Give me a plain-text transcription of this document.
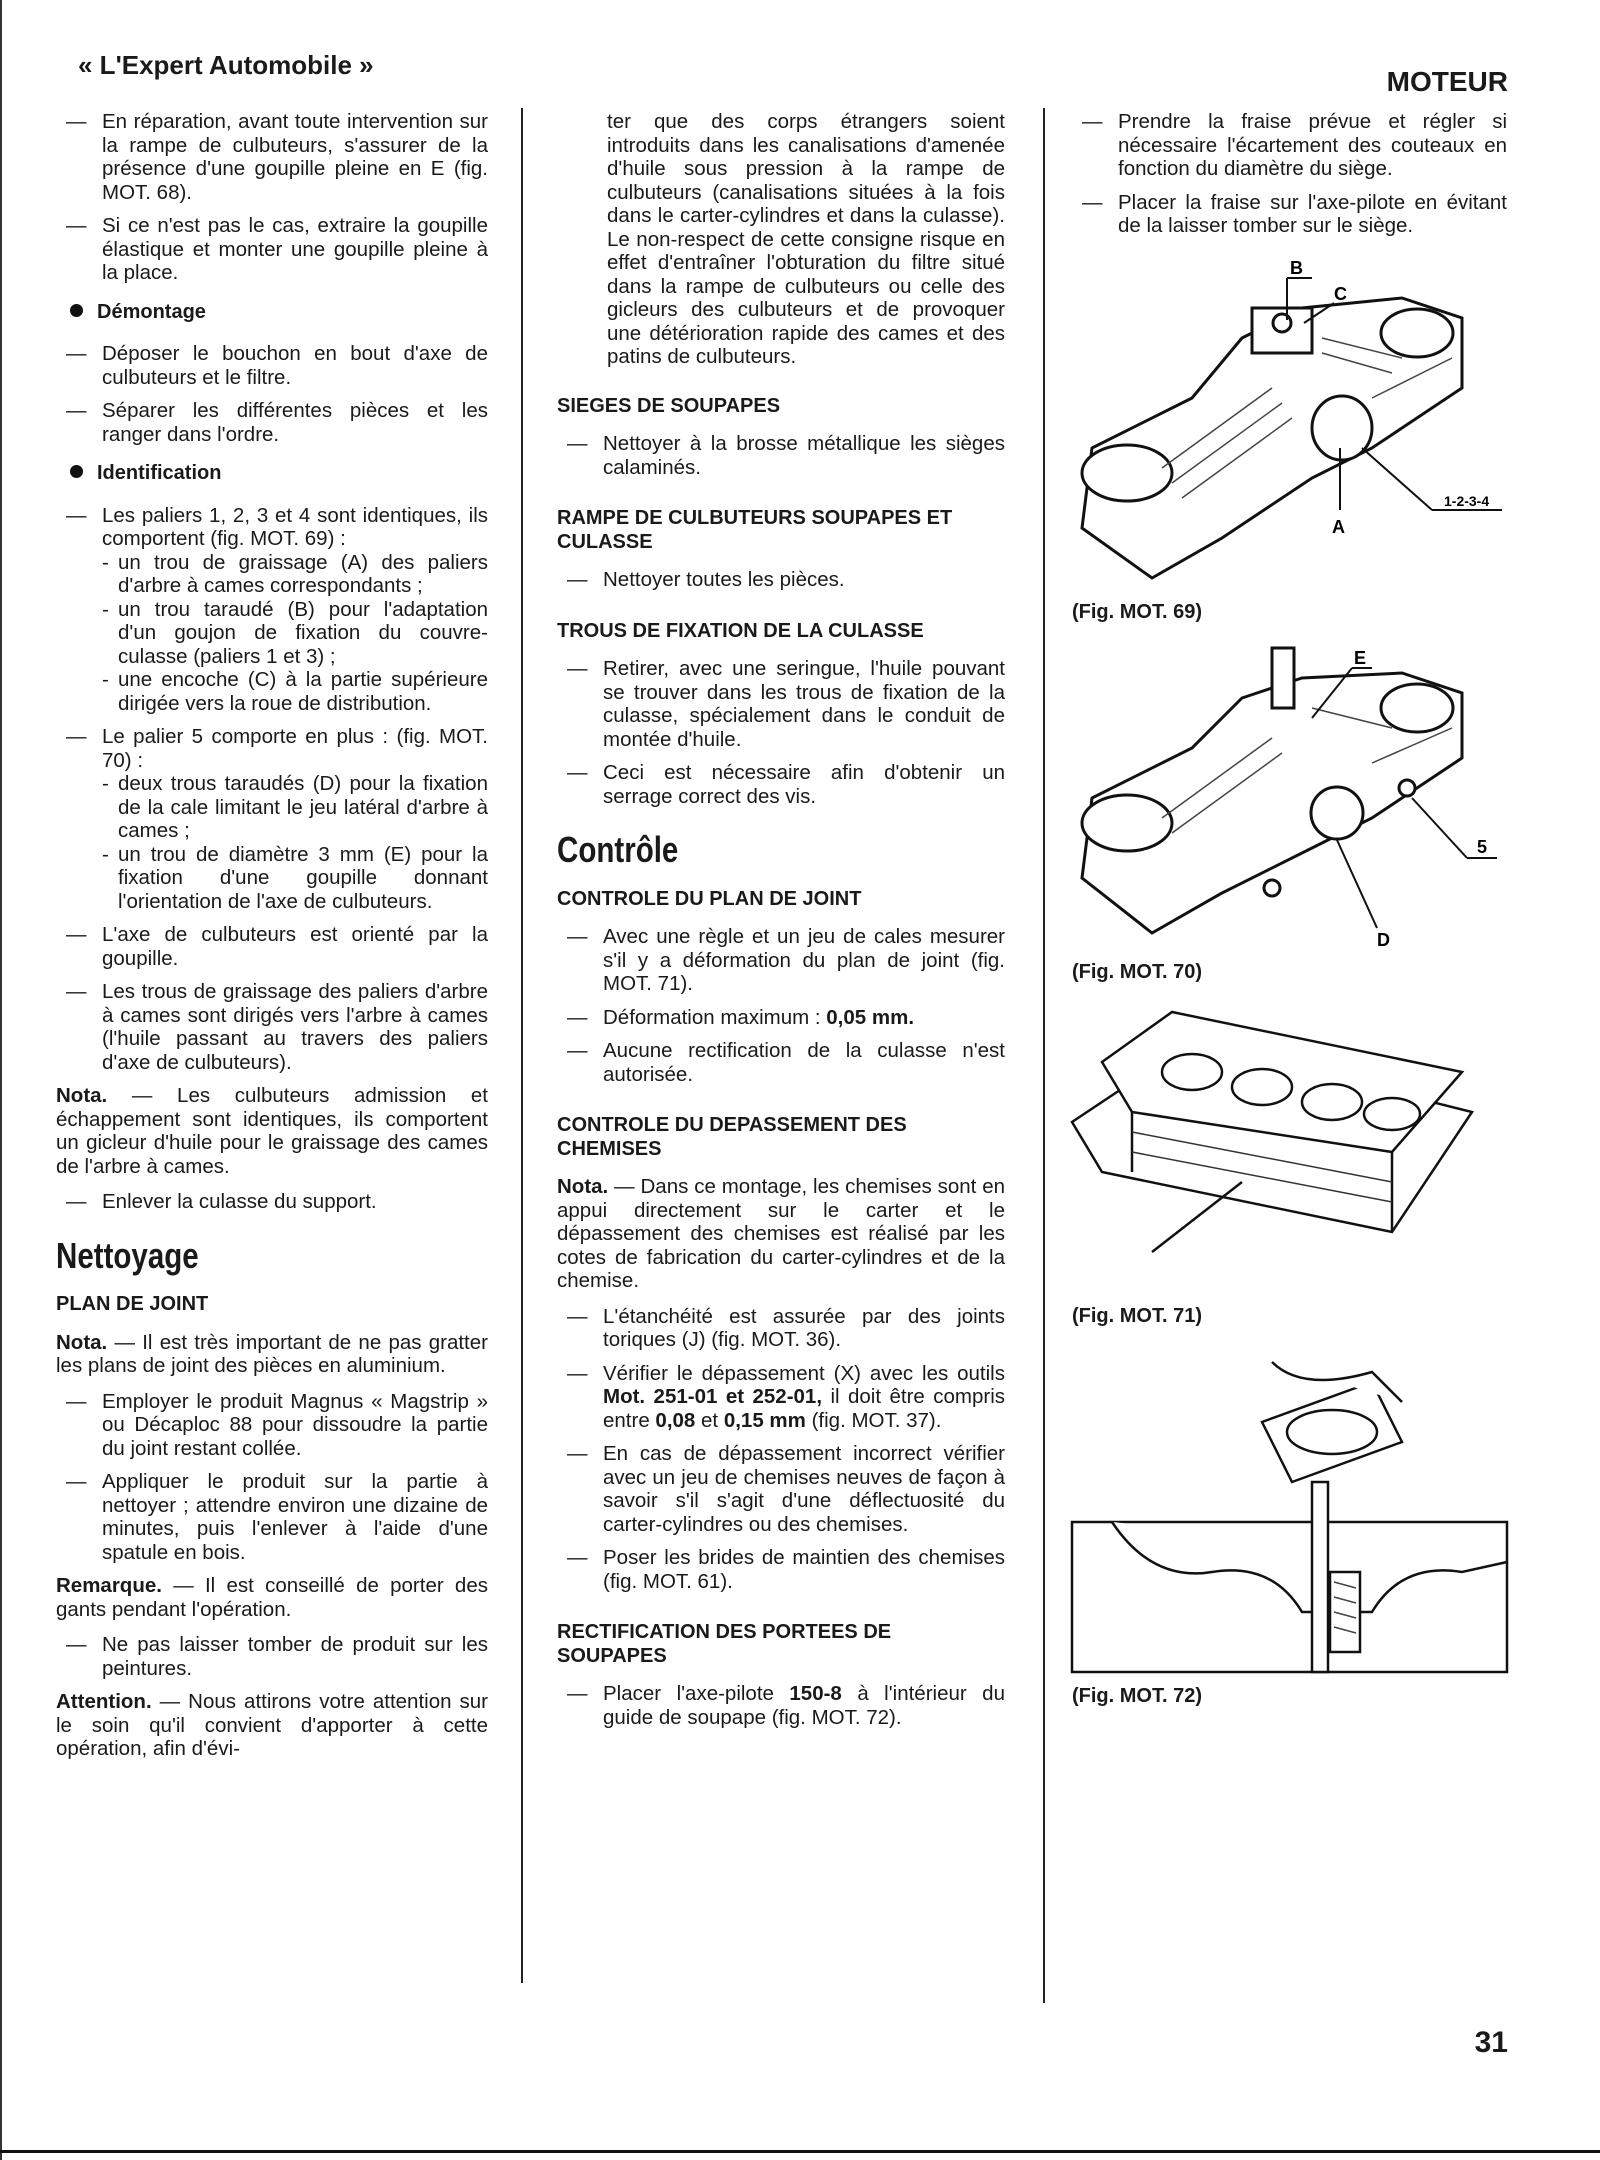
« L'Expert Automobile »
MOTEUR

— En réparation, avant toute intervention sur la rampe de culbuteurs, s'assurer de la présence d'une goupille pleine en E (fig. MOT. 68).

— Si ce n'est pas le cas, extraire la goupille élastique et monter une goupille pleine à la place.

Démontage

— Déposer le bouchon en bout d'axe de culbuteurs et le filtre.

— Séparer les différentes pièces et les ranger dans l'ordre.

Identification

— Les paliers 1, 2, 3 et 4 sont identiques, ils comportent (fig. MOT. 69) :

- un trou de graissage (A) des paliers d'arbre à cames correspondants ;

- un trou taraudé (B) pour l'adaptation d'un goujon de fixation du couvre-culasse (paliers 1 et 3) ;

- une encoche (C) à la partie supérieure dirigée vers la roue de distribution.

— Le palier 5 comporte en plus : (fig. MOT. 70) :

- deux trous taraudés (D) pour la fixation de la cale limitant le jeu latéral d'arbre à cames ;

- un trou de diamètre 3 mm (E) pour la fixation d'une goupille donnant l'orientation de l'axe de culbuteurs.

— L'axe de culbuteurs est orienté par la goupille.

— Les trous de graissage des paliers d'arbre à cames sont dirigés vers l'arbre à cames (l'huile passant au travers des paliers d'axe de culbuteurs).

Nota. — Les culbuteurs admission et échappement sont identiques, ils comportent un gicleur d'huile pour le graissage des cames de l'arbre à cames.

— Enlever la culasse du support.

Nettoyage
PLAN DE JOINT

Nota. — Il est très important de ne pas gratter les plans de joint des pièces en aluminium.

— Employer le produit Magnus « Magstrip » ou Décaploc 88 pour dissoudre la partie du joint restant collée.

— Appliquer le produit sur la partie à nettoyer ; attendre environ une dizaine de minutes, puis l'enlever à l'aide d'une spatule en bois.

Remarque. — Il est conseillé de porter des gants pendant l'opération.

— Ne pas laisser tomber de produit sur les peintures.

Attention. — Nous attirons votre attention sur le soin qu'il convient d'apporter à cette opération, afin d'évi-

ter que des corps étrangers soient introduits dans les canalisations d'amenée d'huile sous pression à la rampe de culbuteurs (canalisations situées à la fois dans le carter-cylindres et dans la culasse). Le non-respect de cette consigne risque en effet d'entraîner l'obturation du filtre situé dans la rampe de culbuteurs ou celle des gicleurs des culbuteurs et de provoquer une détérioration rapide des cames et des patins de culbuteurs.

SIEGES DE SOUPAPES

— Nettoyer à la brosse métallique les sièges calaminés.

RAMPE DE CULBUTEURS SOUPAPES ET CULASSE

— Nettoyer toutes les pièces.

TROUS DE FIXATION DE LA CULASSE

— Retirer, avec une seringue, l'huile pouvant se trouver dans les trous de fixation de la culasse, spécialement dans le conduit de montée d'huile.

— Ceci est nécessaire afin d'obtenir un serrage correct des vis.

Contrôle
CONTROLE DU PLAN DE JOINT

— Avec une règle et un jeu de cales mesurer s'il y a déformation du plan de joint (fig. MOT. 71).

— Déformation maximum : 0,05 mm.

— Aucune rectification de la culasse n'est autorisée.

CONTROLE DU DEPASSEMENT DES CHEMISES

Nota. — Dans ce montage, les chemises sont en appui directement sur le carter et le dépassement des chemises est réalisé par les cotes de fabrication du carter-cylindres et de la chemise.

— L'étanchéité est assurée par des joints toriques (J) (fig. MOT. 36).

— Vérifier le dépassement (X) avec les outils Mot. 251-01 et 252-01, il doit être compris entre 0,08 et 0,15 mm (fig. MOT. 37).

— En cas de dépassement incorrect vérifier avec un jeu de chemises neuves de façon à savoir s'il s'agit d'une déflectuosité du carter-cylindres ou des chemises.

— Poser les brides de maintien des chemises (fig. MOT. 61).

RECTIFICATION DES PORTEES DE SOUPAPES

— Placer l'axe-pilote 150-8 à l'intérieur du guide de soupape (fig. MOT. 72).

— Prendre la fraise prévue et régler si nécessaire l'écartement des couteaux en fonction du diamètre du siège.

— Placer la fraise sur l'axe-pilote en évitant de la laisser tomber sur le siège.

B
C
A
1-2-3-4
(Fig. MOT. 69)
E
5
D
(Fig. MOT. 70)
(Fig. MOT. 71)
(Fig. MOT. 72)
31
